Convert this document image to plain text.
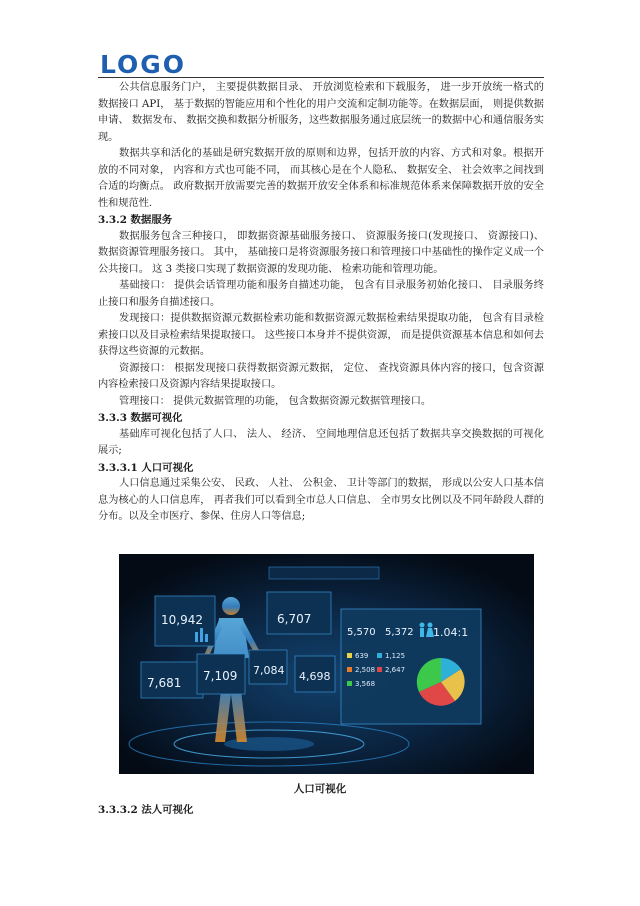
LOGO

公共信息服务门户， 主要提供数据目录、 开放浏览检索和下载服务， 进一步开放统一格式的数据接口 API， 基于数据的智能应用和个性化的用户交流和定制功能等。在数据层面， 则提供数据申请、 数据发布、 数据交换和数据分析服务，这些数据服务通过底层统一的数据中心和通信服务实现。

数据共享和活化的基础是研究数据开放的原则和边界，包括开放的内容、方式和对象。根据开放的不同对象， 内容和方式也可能不同， 而其核心是在个人隐私、 数据安全、 社会效率之间找到合适的均衡点。 政府数据开放需要完善的数据开放安全体系和标准规范体系来保障数据开放的安全性和规范性.

3.3.2 数据服务

数据服务包含三种接口， 即数据资源基础服务接口、 资源服务接口(发现接口、 资源接口)、 数据资源管理服务接口。 其中， 基础接口是将资源服务接口和管理接口中基础性的操作定义成一个公共接口。 这 3 类接口实现了数据资源的发现功能、 检索功能和管理功能。

基础接口： 提供会话管理功能和服务自描述功能， 包含有目录服务初始化接口、 目录服务终止接口和服务自描述接口。

发现接口：提供数据资源元数据检索功能和数据资源元数据检索结果提取功能， 包含有目录检索接口以及目录检索结果提取接口。 这些接口本身并不提供资源， 而是提供资源基本信息和如何去获得这些资源的元数据。

资源接口： 根据发现接口获得数据资源元数据， 定位、 查找资源具体内容的接口，包含资源内容检索接口及资源内容结果提取接口。

管理接口： 提供元数据管理的功能， 包含数据资源元数据管理接口。

3.3.3 数据可视化

基础库可视化包括了人口、 法人、 经济、 空间地理信息还包括了数据共享交换数据的可视化展示;

3.3.3.1 人口可视化

人口信息通过采集公安、 民政、 人社、 公积金、 卫计等部门的数据， 形成以公安人口基本信息为核心的人口信息库， 再者我们可以看到全市总人口信息、 全市男女比例以及不同年龄段人群的分布。以及全市医疗、参保、住房人口等信息;

10,942
7,681
6,707
7,109 7,084 4,698
5,570 5,372 1.04:1
639 1,125
2,508 2,647
3,568
人口可视化
3.3.3.2 法人可视化
